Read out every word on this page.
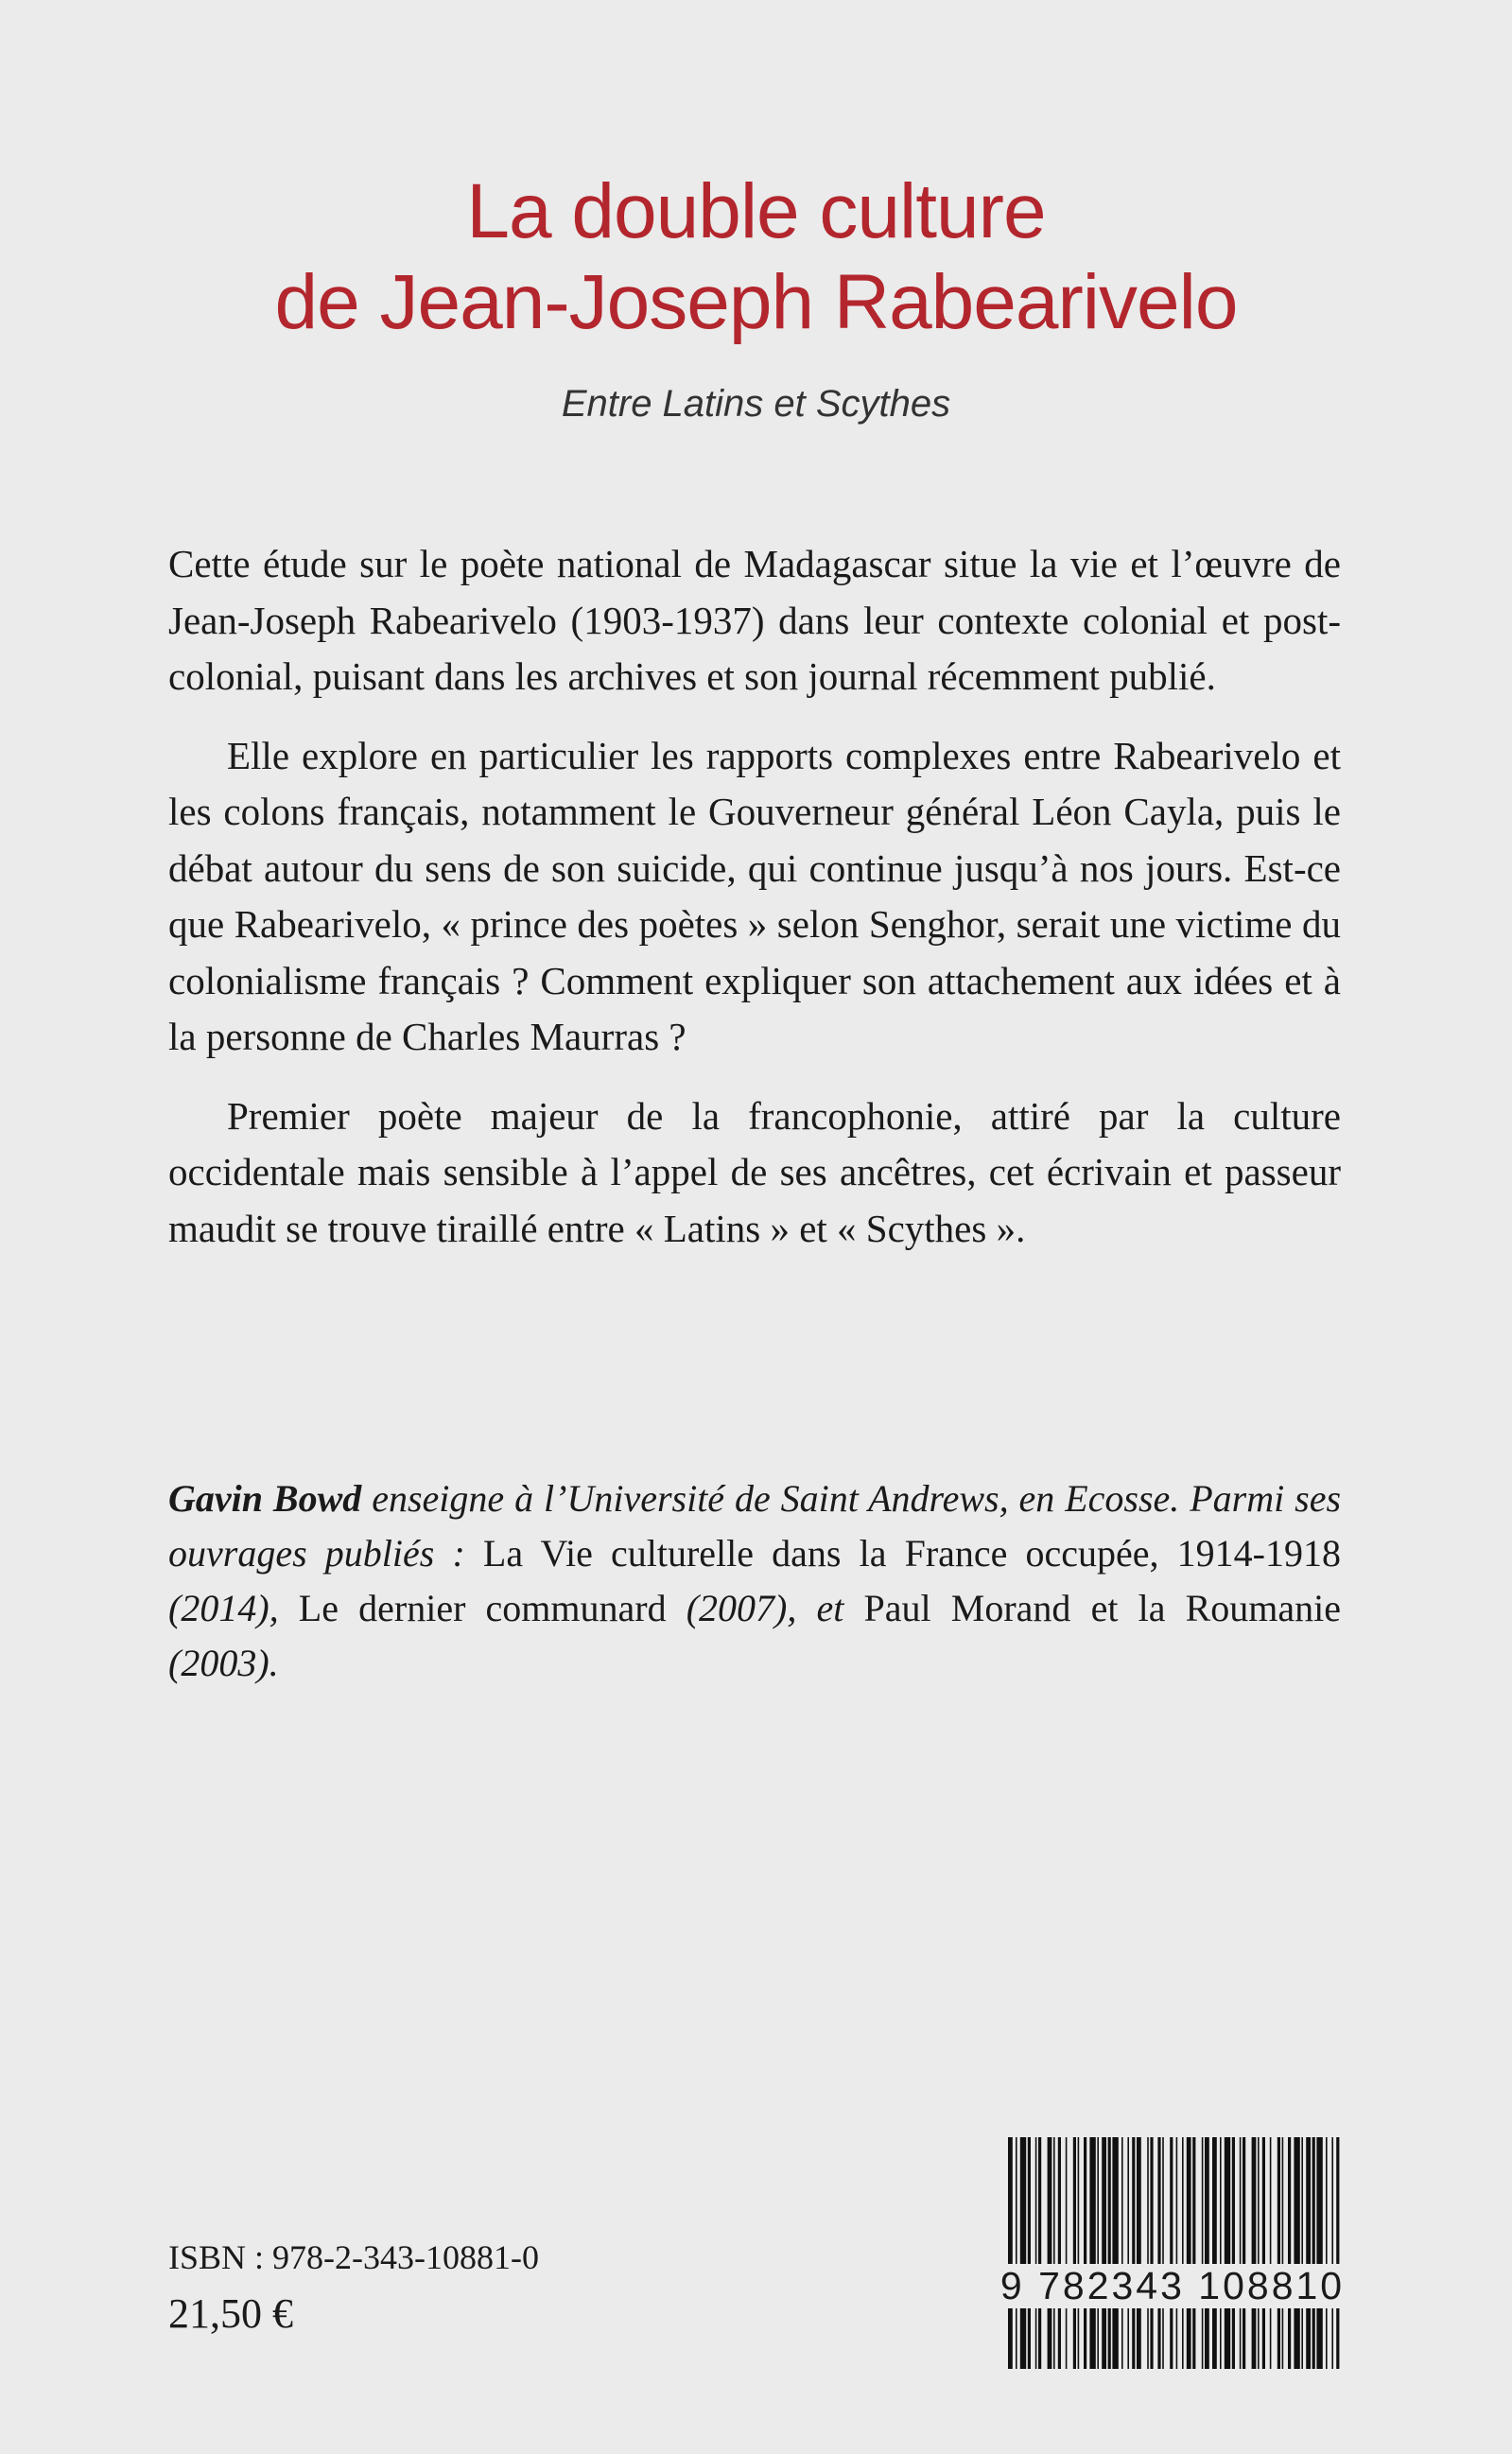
La double culture
de Jean-Joseph Rabearivelo
Entre Latins et Scythes

Cette étude sur le poète national de Madagascar situe la vie et l’œuvre de Jean-Joseph Rabearivelo (1903-1937) dans leur contexte colonial et post-colonial, puisant dans les archives et son journal récemment publié.

Elle explore en particulier les rapports complexes entre Rabearivelo et les colons français, notamment le Gouverneur général Léon Cayla, puis le débat autour du sens de son suicide, qui continue jusqu’à nos jours. Est-ce que Rabearivelo, « prince des poètes » selon Senghor, serait une victime du colonialisme français ? Comment expliquer son attachement aux idées et à la personne de Charles Maurras ?

Premier poète majeur de la francophonie, attiré par la culture occidentale mais sensible à l’appel de ses ancêtres, cet écrivain et passeur maudit se trouve tiraillé entre « Latins » et « Scythes ».

Gavin Bowd enseigne à l’Université de Saint Andrews, en Ecosse. Parmi ses ouvrages publiés : La Vie culturelle dans la France occupée, 1914-1918 (2014), Le dernier communard (2007), et Paul Morand et la Roumanie (2003).
ISBN : 978-2-343-10881-0
21,50 €
9 782343 108810
